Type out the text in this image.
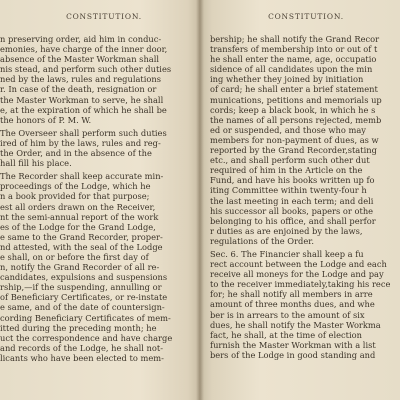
CONSTITUTION.
n preserving order, aid him in conduc-
emonies, have charge of the inner door,
absence of the Master Workman shall
nis stead, and perform such other duties
ned by the laws, rules and regulations
r. In case of the death, resignation or
the Master Workman to serve, he shall
e, at the expiration of which he shall be
the honors of P. M. W.
The Overseer shall perform such duties
ired of him by the laws, rules and reg-
the Order, and in the absence of the
hall fill his place.
The Recorder shall keep accurate min-
proceedings of the Lodge, which he
n a book provided for that purpose;
est all orders drawn on the Receiver,
nt the semi-annual report of the work
es of the Lodge for the Grand Lodge,
e same to the Grand Recorder, proper-
nd attested, with the seal of the Lodge
e shall, on or before the first day of
n, notify the Grand Recorder of all re-
candidates, expulsions and suspensions
rship,—if the suspending, annulling or
of Beneficiary Certificates, or re-instate
e same, and of the date of countersign-
cording Beneficiary Certificates of mem-
itted during the preceding month; he
uct the correspondence and have charge
and records of the Lodge, he shall not-
licants who have been elected to mem-
CONSTITUTION.
bership; he shall notify the Grand Recor
transfers of membership into or out of t
he shall enter the name, age, occupatio
sidence of all candidates upon the min
ing whether they joined by initiation
of card; he shall enter a brief statement
munications, petitions and memorials up
cords; keep a black book, in which he s
the names of all persons rejected, memb
ed or suspended, and those who may
members for non-payment of dues, as w
reported by the Grand Recorder,stating
etc., and shall perform such other dut
required of him in the Article on the
Fund, and have his books written up fo
iting Committee within twenty-four h
the last meeting in each term; and deli
his successor all books, papers or othe
belonging to his office, and shall perfor
r duties as are enjoined by the laws,
regulations of the Order.
Sec. 6. The Financier shall keep a fu
rect account between the Lodge and each
receive all moneys for the Lodge and pay
to the receiver immediately,taking his rece
for; he shall notify all members in arre
amount of three months dues, and whe
ber is in arrears to the amount of six
dues, he shall notify the Master Workma
fact, he shall, at the time of election
furnish the Master Workman with a list
bers of the Lodge in good standing and
